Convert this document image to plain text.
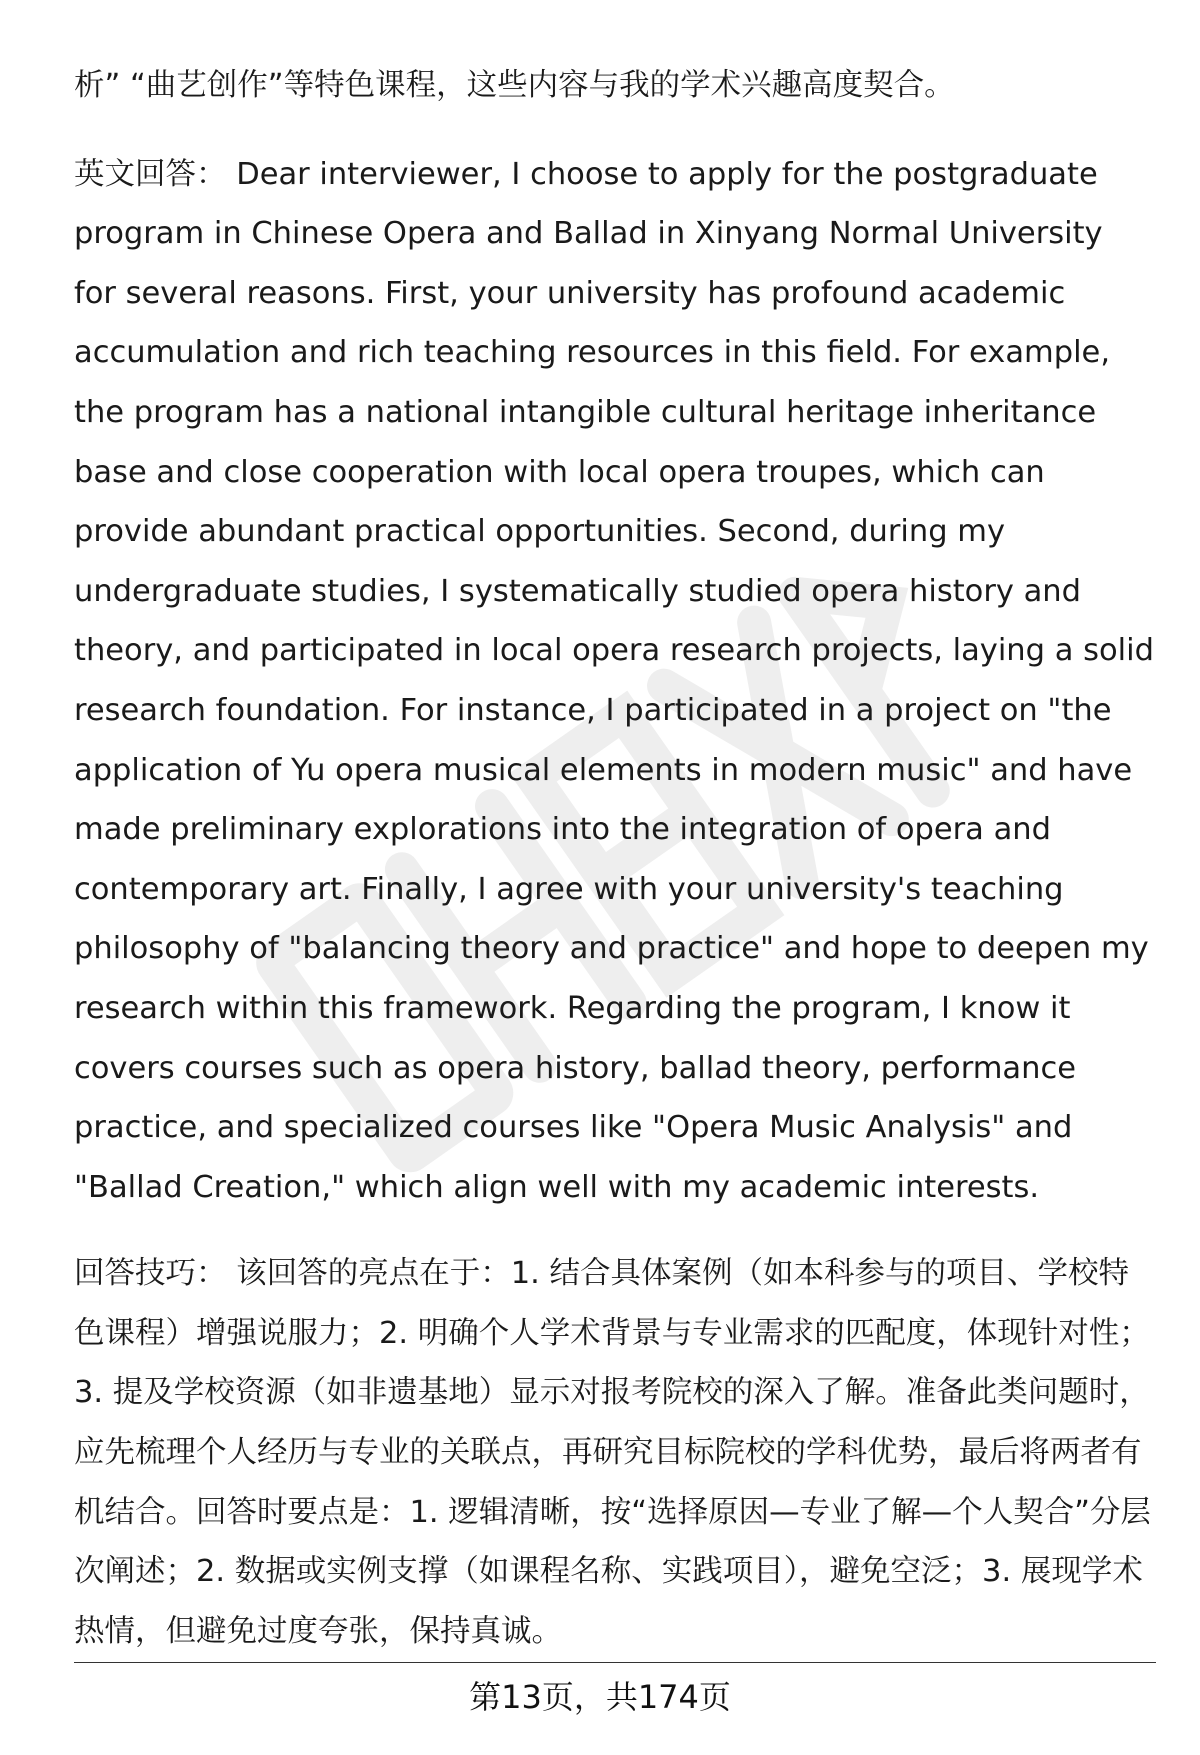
析” “曲艺创作”等特色课程，这些内容与我的学术兴趣高度契合。

英文回答： Dear interviewer, I choose to apply for the postgraduate program in Chinese Opera and Ballad in Xinyang Normal University for several reasons. First, your university has profound academic accumulation and rich teaching resources in this field. For example, the program has a national intangible cultural heritage inheritance base and close cooperation with local opera troupes, which can provide abundant practical opportunities. Second, during my undergraduate studies, I systematically studied opera history and theory, and participated in local opera research projects, laying a solid research foundation. For instance, I participated in a project on "the application of Yu opera musical elements in modern music" and have made preliminary explorations into the integration of opera and contemporary art. Finally, I agree with your university's teaching philosophy of "balancing theory and practice" and hope to deepen my research within this framework. Regarding the program, I know it covers courses such as opera history, ballad theory, performance practice, and specialized courses like "Opera Music Analysis" and "Ballad Creation," which align well with my academic interests.

回答技巧： 该回答的亮点在于：1. 结合具体案例（如本科参与的项目、学校特色课程）增强说服力；2. 明确个人学术背景与专业需求的匹配度，体现针对性；3. 提及学校资源（如非遗基地）显示对报考院校的深入了解。准备此类问题时，应先梳理个人经历与专业的关联点，再研究目标院校的学科优势，最后将两者有机结合。回答时要点是：1. 逻辑清晰，按“选择原因—专业了解—个人契合”分层次阐述；2. 数据或实例支撑（如课程名称、实践项目），避免空泛；3. 展现学术热情，但避免过度夸张，保持真诚。

第13页，共174页
